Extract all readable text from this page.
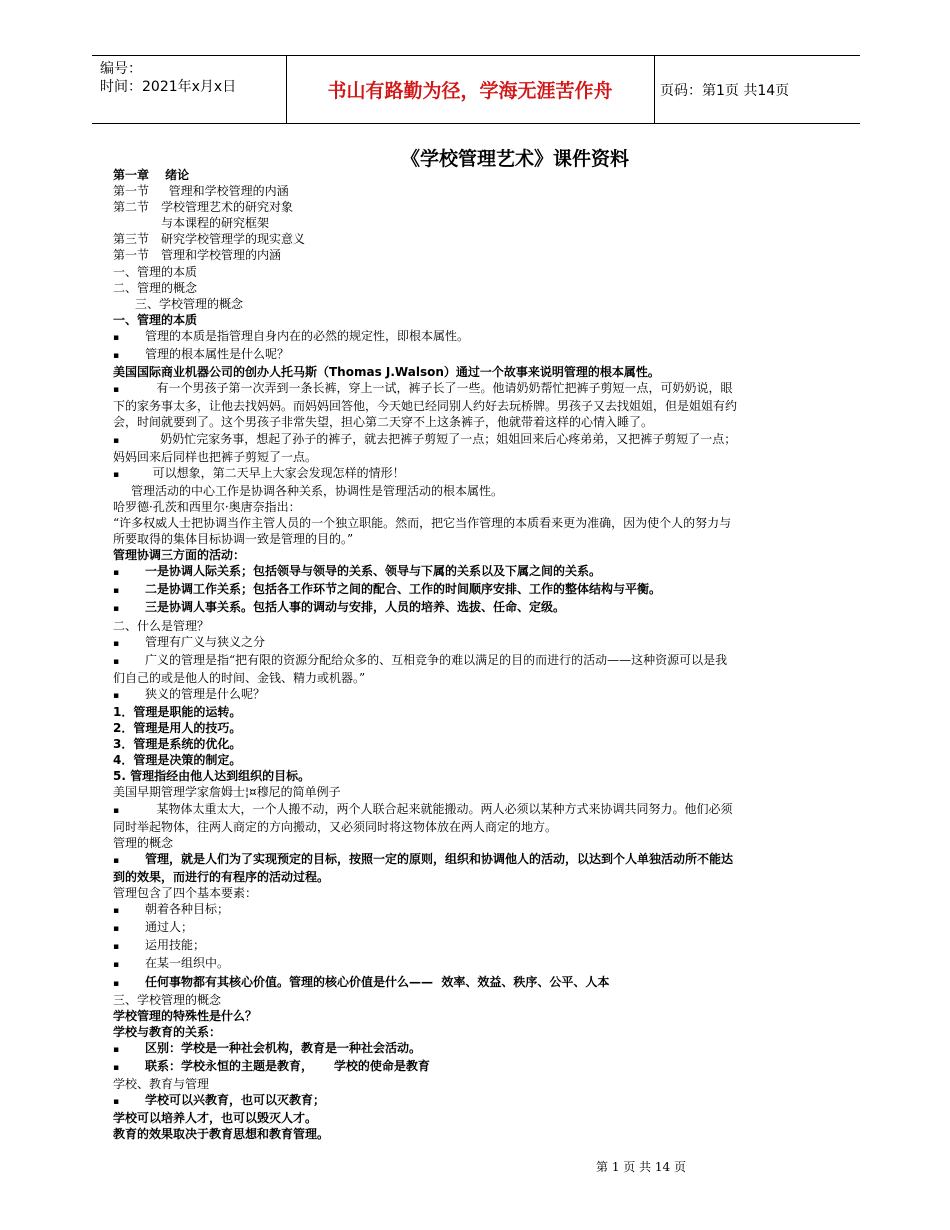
编号：
时间：2021年x月x日	书山有路勤为径，学海无涯苦作舟	页码：第1页 共14页
《学校管理艺术》课件资料
第一章　 绪论
第一节　  管理和学校管理的内涵
第二节　学校管理艺术的研究对象
与本课程的研究框架
第三节　研究学校管理学的现实意义
第一节　管理和学校管理的内涵
一、管理的本质
二、管理的概念
三、学校管理的概念
一、管理的本质
▪ 管理的本质是指管理自身内在的必然的规定性，即根本属性。
▪ 管理的根本属性是什么呢？
美国国际商业机器公司的创办人托马斯（Thomas J.Walson）通过一个故事来说明管理的根本属性。
▪   有一个男孩子第一次弄到一条长裤，穿上一试，裤子长了一些。他请奶奶帮忙把裤子剪短一点，可奶奶说，眼
下的家务事太多，让他去找妈妈。而妈妈回答他，今天她已经同别人约好去玩桥牌。男孩子又去找姐姐，但是姐姐有约
会，时间就要到了。这个男孩子非常失望，担心第二天穿不上这条裤子，他就带着这样的心情入睡了。
▪    奶奶忙完家务事，想起了孙子的裤子，就去把裤子剪短了一点；姐姐回来后心疼弟弟，又把裤子剪短了一点；
妈妈回来后同样也把裤子剪短了一点。
▪  可以想象，第二天早上大家会发现怎样的情形！
管理活动的中心工作是协调各种关系，协调性是管理活动的根本属性。
哈罗德·孔茨和西里尔·奥唐奈指出：
“许多权威人士把协调当作主管人员的一个独立职能。然而，把它当作管理的本质看来更为准确，因为使个人的努力与
所要取得的集体目标协调一致是管理的目的。”
管理协调三方面的活动：
▪ 一是协调人际关系；包括领导与领导的关系、领导与下属的关系以及下属之间的关系。
▪ 二是协调工作关系；包括各工作环节之间的配合、工作的时间顺序安排、工作的整体结构与平衡。
▪ 三是协调人事关系。包括人事的调动与安排，人员的培养、选拔、任命、定级。
二、什么是管理？
▪ 管理有广义与狭义之分
▪ 广义的管理是指“把有限的资源分配给众多的、互相竞争的难以满足的目的而进行的活动——这种资源可以是我
们自己的或是他人的时间、金钱、精力或机器。”
▪ 狭义的管理是什么呢？
1．管理是职能的运转。
2．管理是用人的技巧。
3．管理是系统的优化。
4．管理是决策的制定。
5. 管理指经由他人达到组织的目标。
美国早期管理学家詹姆士¦¤穆尼的简单例子
▪   某物体太重太大，一个人搬不动，两个人联合起来就能搬动。两人必须以某种方式来协调共同努力。他们必须
同时举起物体，往两人商定的方向搬动，又必须同时将这物体放在两人商定的地方。
管理的概念
▪ 管理，就是人们为了实现预定的目标，按照一定的原则，组织和协调他人的活动，以达到个人单独活动所不能达
到的效果，而进行的有程序的活动过程。
管理包含了四个基本要素：
▪ 朝着各种目标；
▪ 通过人；
▪ 运用技能；
▪ 在某一组织中。
▪ 任何事物都有其核心价值。管理的核心价值是什么——  效率、效益、秩序、公平、人本
三、学校管理的概念
学校管理的特殊性是什么？
学校与教育的关系：
▪ 区别：学校是一种社会机构，教育是一种社会活动。
▪ 联系：学校永恒的主题是教育，     学校的使命是教育
学校、教育与管理
▪ 学校可以兴教育，也可以灭教育；
学校可以培养人才，也可以毁灭人才。
教育的效果取决于教育思想和教育管理。
第 1 页 共 14 页
